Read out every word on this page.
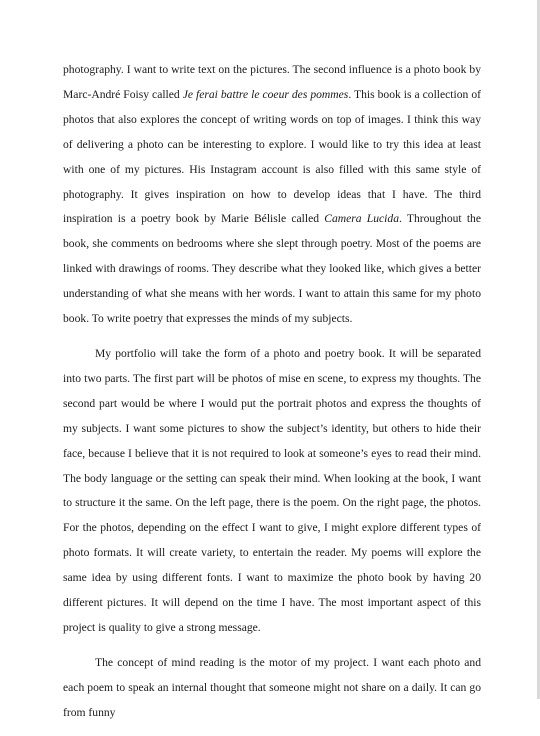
photography. I want to write text on the pictures. The second influence is a photo book by Marc-André Foisy called Je ferai battre le coeur des pommes. This book is a collection of photos that also explores the concept of writing words on top of images. I think this way of delivering a photo can be interesting to explore. I would like to try this idea at least with one of my pictures. His Instagram account is also filled with this same style of photography. It gives inspiration on how to develop ideas that I have. The third inspiration is a poetry book by Marie Bélisle called Camera Lucida. Throughout the book, she comments on bedrooms where she slept through poetry. Most of the poems are linked with drawings of rooms. They describe what they looked like, which gives a better understanding of what she means with her words. I want to attain this same for my photo book. To write poetry that expresses the minds of my subjects.

My portfolio will take the form of a photo and poetry book. It will be separated into two parts. The first part will be photos of mise en scene, to express my thoughts. The second part would be where I would put the portrait photos and express the thoughts of my subjects. I want some pictures to show the subject’s identity, but others to hide their face, because I believe that it is not required to look at someone’s eyes to read their mind. The body language or the setting can speak their mind. When looking at the book, I want to structure it the same. On the left page, there is the poem. On the right page, the photos. For the photos, depending on the effect I want to give, I might explore different types of photo formats. It will create variety, to entertain the reader. My poems will explore the same idea by using different fonts. I want to maximize the photo book by having 20 different pictures. It will depend on the time I have. The most important aspect of this project is quality to give a strong message.

The concept of mind reading is the motor of my project. I want each photo and each poem to speak an internal thought that someone might not share on a daily. It can go from funny
